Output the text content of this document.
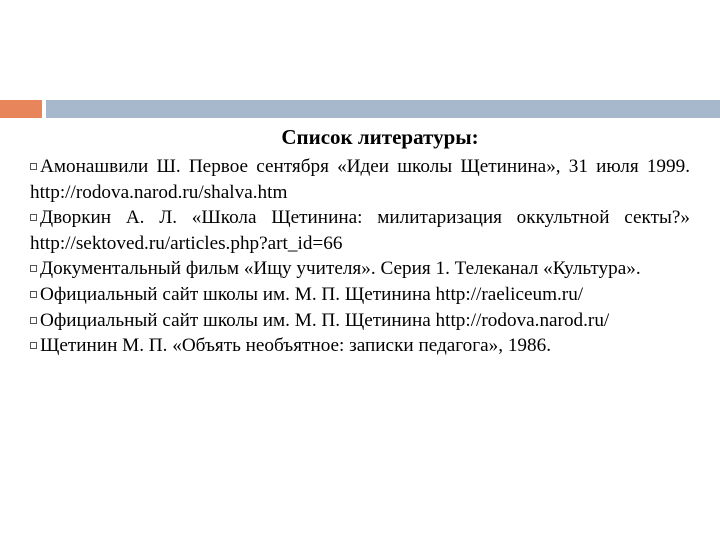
Список литературы:
Амонашвили Ш. Первое сентября «Идеи школы Щетинина», 31 июля 1999. http://rodova.narod.ru/shalva.htm
Дворкин А. Л. «Школа Щетинина: милитаризация оккультной секты?» http://sektoved.ru/articles.php?art_id=66
Документальный фильм «Ищу учителя». Серия 1. Телеканал «Культура».
Официальный сайт школы им. М. П. Щетинина http://raeliceum.ru/
Официальный сайт школы им. М. П. Щетинина http://rodova.narod.ru/
Щетинин М. П. «Объять необъятное: записки педагога», 1986.
